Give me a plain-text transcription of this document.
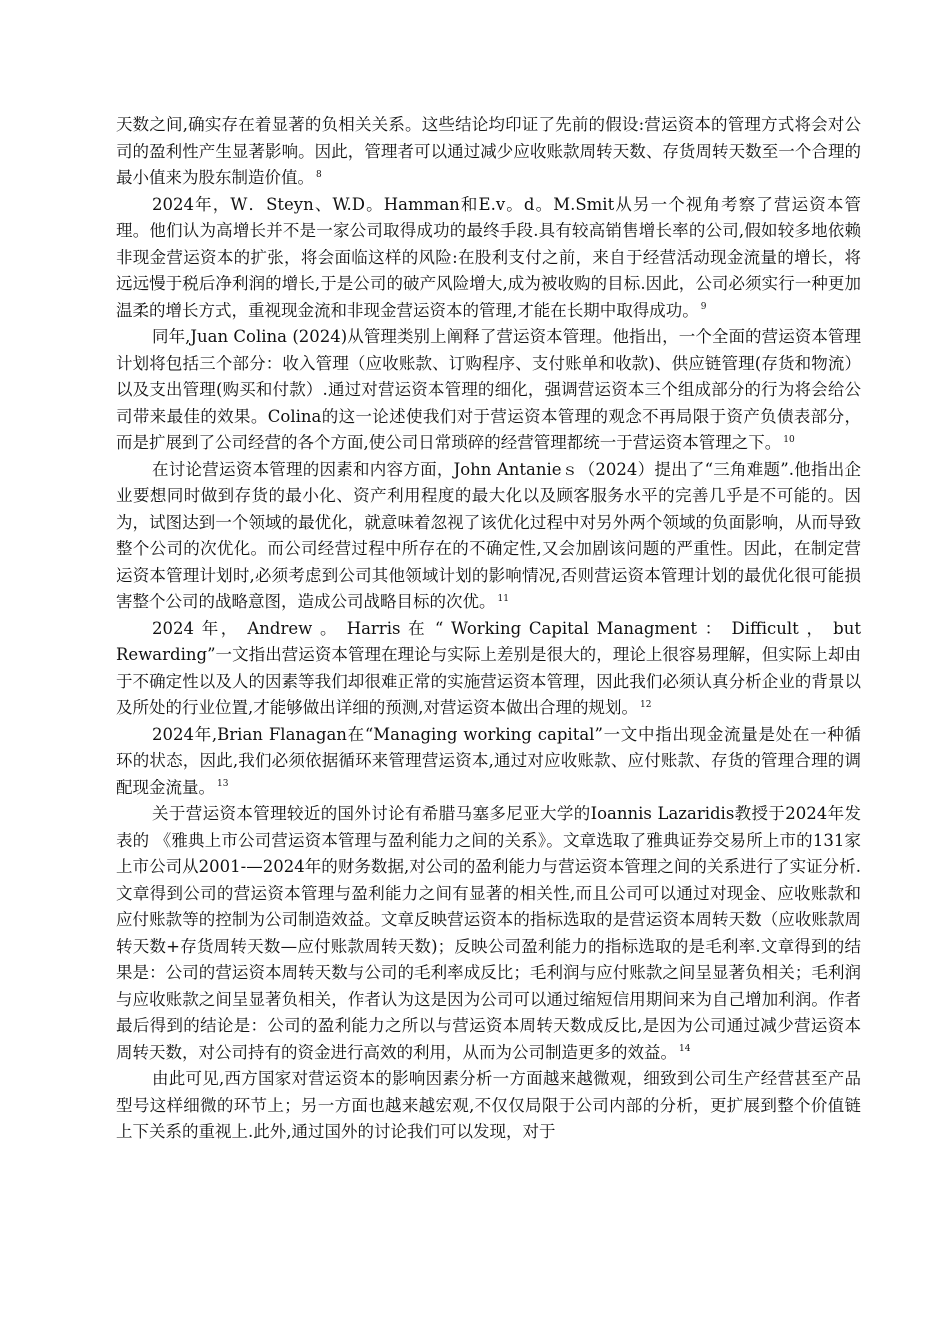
天数之间,确实存在着显著的负相关关系。这些结论均印证了先前的假设:营运资本的管理方式将会对公司的盈利性产生显著影响。因此，管理者可以通过减少应收账款周转天数、存货周转天数至一个合理的最小值来为股东制造价值。 $^8$

2024年，W．Steyn、W.D。Hamman和E.v。d。M.Smit从另一个视角考察了营运资本管理。他们认为高增长并不是一家公司取得成功的最终手段.具有较高销售增长率的公司,假如较多地依赖非现金营运资本的扩张，将会面临这样的风险:在股利支付之前，来自于经营活动现金流量的增长，将远远慢于税后净利润的增长,于是公司的破产风险增大,成为被收购的目标.因此，公司必须实行一种更加温柔的增长方式，重视现金流和非现金营运资本的管理,才能在长期中取得成功。 $^9$

同年,Juan Colina (2024)从管理类别上阐释了营运资本管理。他指出，一个全面的营运资本管理计划将包括三个部分：收入管理（应收账款、订购程序、支付账单和收款)、供应链管理(存货和物流）以及支出管理(购买和付款）.通过对营运资本管理的细化，强调营运资本三个组成部分的行为将会给公司带来最佳的效果。Colina的这一论述使我们对于营运资本管理的观念不再局限于资产负债表部分，而是扩展到了公司经营的各个方面,使公司日常琐碎的经营管理都统一于营运资本管理之下。 $^{10}$

在讨论营运资本管理的因素和内容方面，John Antanieｓ（2024）提出了“三角难题”.他指出企业要想同时做到存货的最小化、资产利用程度的最大化以及顾客服务水平的完善几乎是不可能的。因为，试图达到一个领域的最优化，就意味着忽视了该优化过程中对另外两个领域的负面影响，从而导致整个公司的次优化。而公司经营过程中所存在的不确定性,又会加剧该问题的严重性。因此，在制定营运资本管理计划时,必须考虑到公司其他领域计划的影响情况,否则营运资本管理计划的最优化很可能损害整个公司的战略意图，造成公司战略目标的次优。 $^{11}$

2024 年， Andrew 。 Harris 在 “ Working Capital Managment ： Difficult ， but Rewarding”一文指出营运资本管理在理论与实际上差别是很大的，理论上很容易理解，但实际上却由于不确定性以及人的因素等我们却很难正常的实施营运资本管理，因此我们必须认真分析企业的背景以及所处的行业位置,才能够做出详细的预测,对营运资本做出合理的规划。 $^{12}$

2024年,Brian Flanagan在“Managing working capital”一文中指出现金流量是处在一种循环的状态，因此,我们必须依据循环来管理营运资本,通过对应收账款、应付账款、存货的管理合理的调配现金流量。 $^{13}$

关于营运资本管理较近的国外讨论有希腊马塞多尼亚大学的Ioannis Lazaridis教授于2024年发表的 《雅典上市公司营运资本管理与盈利能力之间的关系》。文章选取了雅典证券交易所上市的131家上市公司从2001-—2024年的财务数据,对公司的盈利能力与营运资本管理之间的关系进行了实证分析.文章得到公司的营运资本管理与盈利能力之间有显著的相关性,而且公司可以通过对现金、应收账款和应付账款等的控制为公司制造效益。文章反映营运资本的指标选取的是营运资本周转天数（应收账款周转天数+存货周转天数—应付账款周转天数)；反映公司盈利能力的指标选取的是毛利率.文章得到的结果是：公司的营运资本周转天数与公司的毛利率成反比；毛利润与应付账款之间呈显著负相关；毛利润与应收账款之间呈显著负相关，作者认为这是因为公司可以通过缩短信用期间来为自己增加利润。作者最后得到的结论是：公司的盈利能力之所以与营运资本周转天数成反比,是因为公司通过减少营运资本周转天数，对公司持有的资金进行高效的利用，从而为公司制造更多的效益。 $^{14}$

由此可见,西方国家对营运资本的影响因素分析一方面越来越微观，细致到公司生产经营甚至产品型号这样细微的环节上；另一方面也越来越宏观,不仅仅局限于公司内部的分析，更扩展到整个价值链上下关系的重视上.此外,通过国外的讨论我们可以发现，对于
